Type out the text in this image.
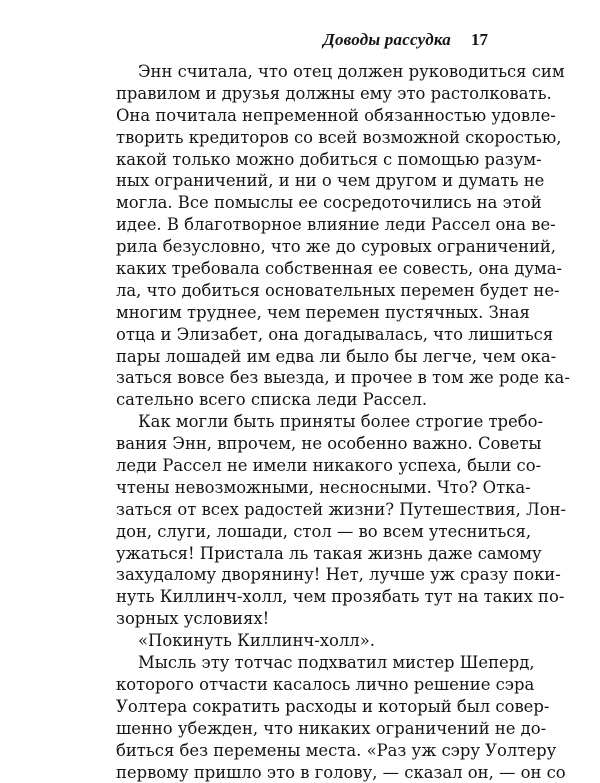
Доводы рассудка 17
Энн считала, что отец должен руководиться сим
правилом и друзья должны ему это растолковать.
Она почитала непременной обязанностью удовле-
творить кредиторов со всей возможной скоростью,
какой только можно добиться с помощью разум-
ных ограничений, и ни о чем другом и думать не
могла. Все помыслы ее сосредоточились на этой
идее. В благотворное влияние леди Рассел она ве-
рила безусловно, что же до суровых ограничений,
каких требовала собственная ее совесть, она дума-
ла, что добиться основательных перемен будет не-
многим труднее, чем перемен пустячных. Зная
отца и Элизабет, она догадывалась, что лишиться
пары лошадей им едва ли было бы легче, чем ока-
заться вовсе без выезда, и прочее в том же роде ка-
сательно всего списка леди Рассел.
Как могли быть приняты более строгие требо-
вания Энн, впрочем, не особенно важно. Советы
леди Рассел не имели никакого успеха, были со-
чтены невозможными, несносными. Что? Отка-
заться от всех радостей жизни? Путешествия, Лон-
дон, слуги, лошади, стол — во всем утесниться,
ужаться! Пристала ль такая жизнь даже самому
захудалому дворянину! Нет, лучше уж сразу поки-
нуть Киллинч-холл, чем прозябать тут на таких по-
зорных условиях!
«Покинуть Киллинч-холл».
Мысль эту тотчас подхватил мистер Шеперд,
которого отчасти касалось лично решение сэра
Уолтера сократить расходы и который был совер-
шенно убежден, что никаких ограничений не до-
биться без перемены места. «Раз уж сэру Уолтеру
первому пришло это в голову, — сказал он, — он со
